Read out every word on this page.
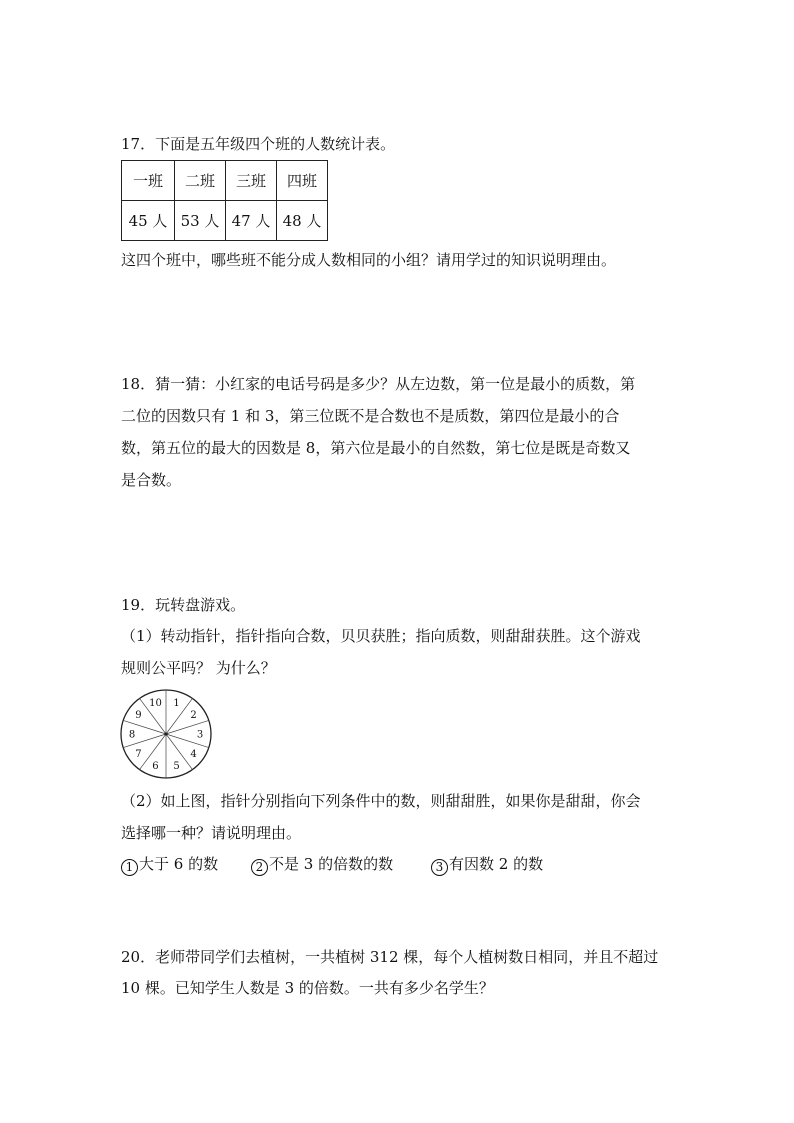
17．下面是五年级四个班的人数统计表。
一班	二班	三班	四班
45 人	53 人	47 人	48 人
这四个班中，哪些班不能分成人数相同的小组？请用学过的知识说明理由。
18．猜一猜：小红家的电话号码是多少？从左边数，第一位是最小的质数，第
二位的因数只有 1 和 3，第三位既不是合数也不是质数，第四位是最小的合
数，第五位的最大的因数是 8，第六位是最小的自然数，第七位是既是奇数又
是合数。
19．玩转盘游戏。
（1）转动指针，指针指向合数，贝贝获胜；指向质数，则甜甜获胜。这个游戏
规则公平吗？ 为什么？
1
2
3
4
5
6
7
8
9
10
（2）如上图，指针分别指向下列条件中的数，则甜甜胜，如果你是甜甜，你会
选择哪一种？请说明理由。
1 大于 6 的数	2 不是 3 的倍数的数	3 有因数 2 的数
20．老师带同学们去植树，一共植树 312 棵，每个人植树数日相同，并且不超过
10 棵。已知学生人数是 3 的倍数。一共有多少名学生？
